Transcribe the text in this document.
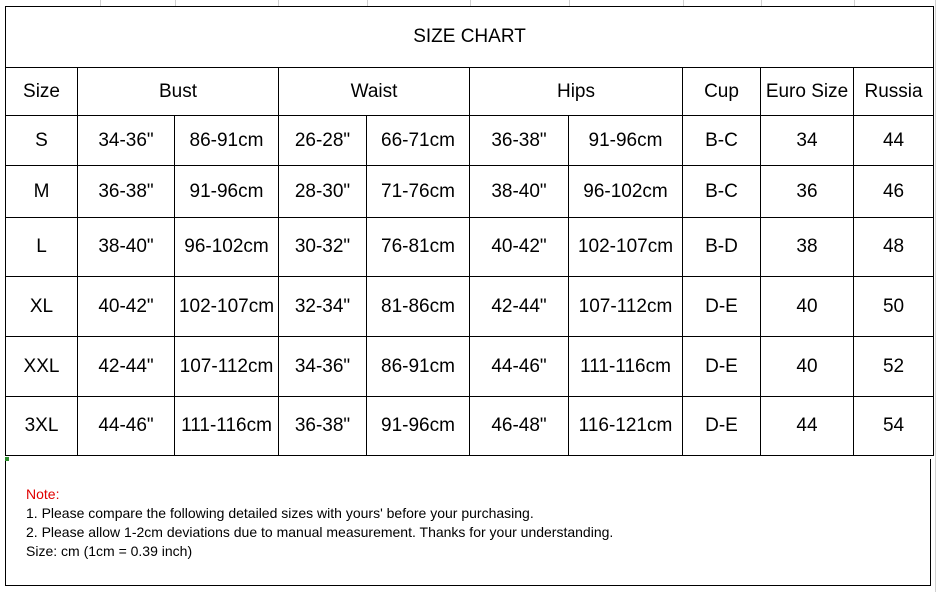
SIZE CHART									
Size	Bust		Waist		Hips		Cup	Euro Size	Russia
S	34-36"	86-91cm	26-28"	66-71cm	36-38"	91-96cm	B-C	34	44
M	36-38"	91-96cm	28-30"	71-76cm	38-40"	96-102cm	B-C	36	46
L	38-40"	96-102cm	30-32"	76-81cm	40-42"	102-107cm	B-D	38	48
XL	40-42"	102-107cm	32-34"	81-86cm	42-44"	107-112cm	D-E	40	50
XXL	42-44"	107-112cm	34-36"	86-91cm	44-46"	111-116cm	D-E	40	52
3XL	44-46"	111-116cm	36-38"	91-96cm	46-48"	116-121cm	D-E	44	54
Note:
1. Please compare the following detailed sizes with yours' before your purchasing.
2. Please allow 1-2cm deviations due to manual measurement. Thanks for your understanding.
Size: cm (1cm = 0.39 inch)
